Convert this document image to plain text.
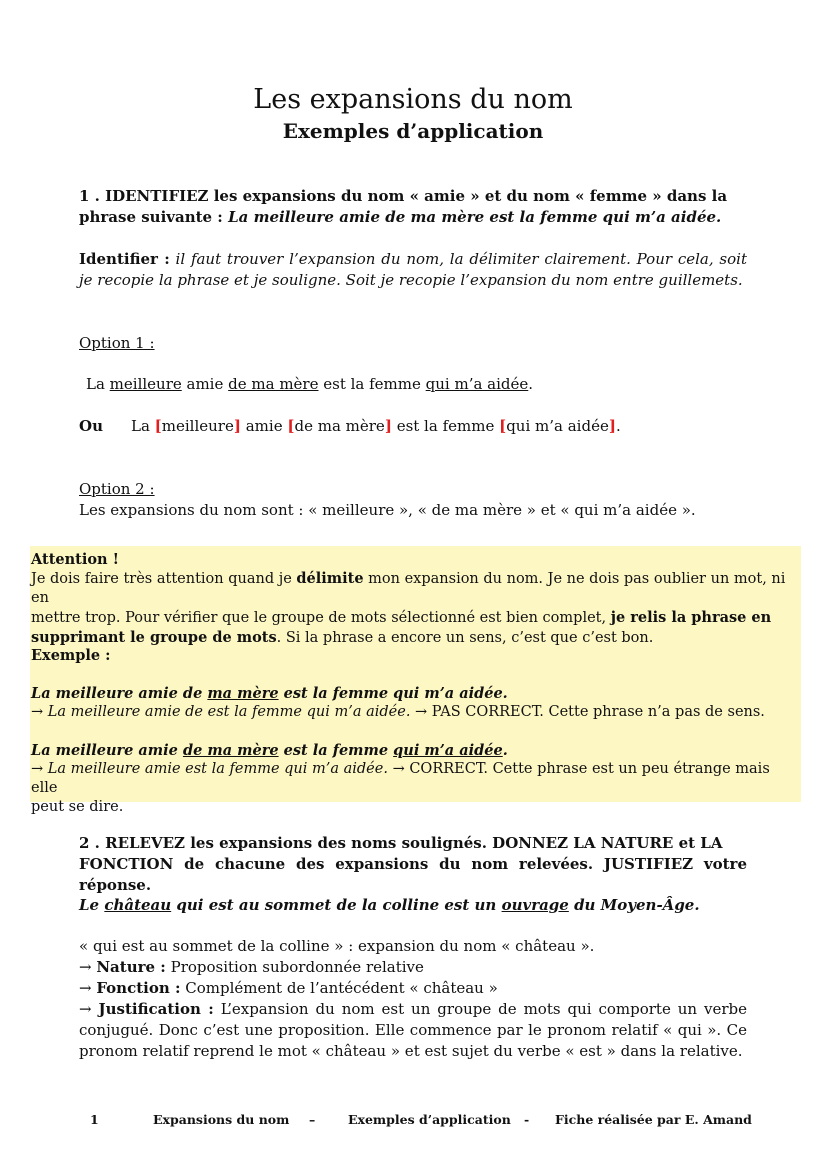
Les expansions du nom
Exemples d’application
1 . IDENTIFIEZ les expansions du nom « amie » et du nom « femme » dans la
phrase suivante : La meilleure amie de ma mère est la femme qui m’a aidée.
Identifier : il faut trouver l’expansion du nom, la délimiter clairement. Pour cela, soit je recopie la phrase et je souligne. Soit je recopie l’expansion du nom entre guillemets.
Option 1 :
La meilleure amie de ma mère est la femme qui m’a aidée.
Ou La [meilleure] amie [de ma mère] est la femme [qui m’a aidée].
Option 2 :
Les expansions du nom sont : « meilleure », « de ma mère » et « qui m’a aidée ».
Attention !
Je dois faire très attention quand je délimite mon expansion du nom. Je ne dois pas oublier un mot, ni en
mettre trop. Pour vérifier que le groupe de mots sélectionné est bien complet, je relis la phrase en
supprimant le groupe de mots. Si la phrase a encore un sens, c’est que c’est bon.
Exemple :
La meilleure amie de ma mère est la femme qui m’a aidée.
→ La meilleure amie de est la femme qui m’a aidée. → PAS CORRECT. Cette phrase n’a pas de sens.
La meilleure amie de ma mère est la femme qui m’a aidée.
→ La meilleure amie est la femme qui m’a aidée. → CORRECT. Cette phrase est un peu étrange mais elle
peut se dire.
2 . RELEVEZ les expansions des noms soulignés. DONNEZ LA NATURE et LA
FONCTION de chacune des expansions du nom relevées. JUSTIFIEZ votre réponse.
Le château qui est au sommet de la colline est un ouvrage du Moyen-Âge.
« qui est au sommet de la colline » : expansion du nom « château ».
→ Nature : Proposition subordonnée relative
→ Fonction : Complément de l’antécédent « château »
→ Justification : L’expansion du nom est un groupe de mots qui comporte un verbe conjugué. Donc c’est une proposition. Elle commence par le pronom relatif « qui ». Ce pronom relatif reprend le mot « château » et est sujet du verbe « est » dans la relative.
1	Expansions du nom –	Exemples d’application - Fiche réalisée par E. Amand
